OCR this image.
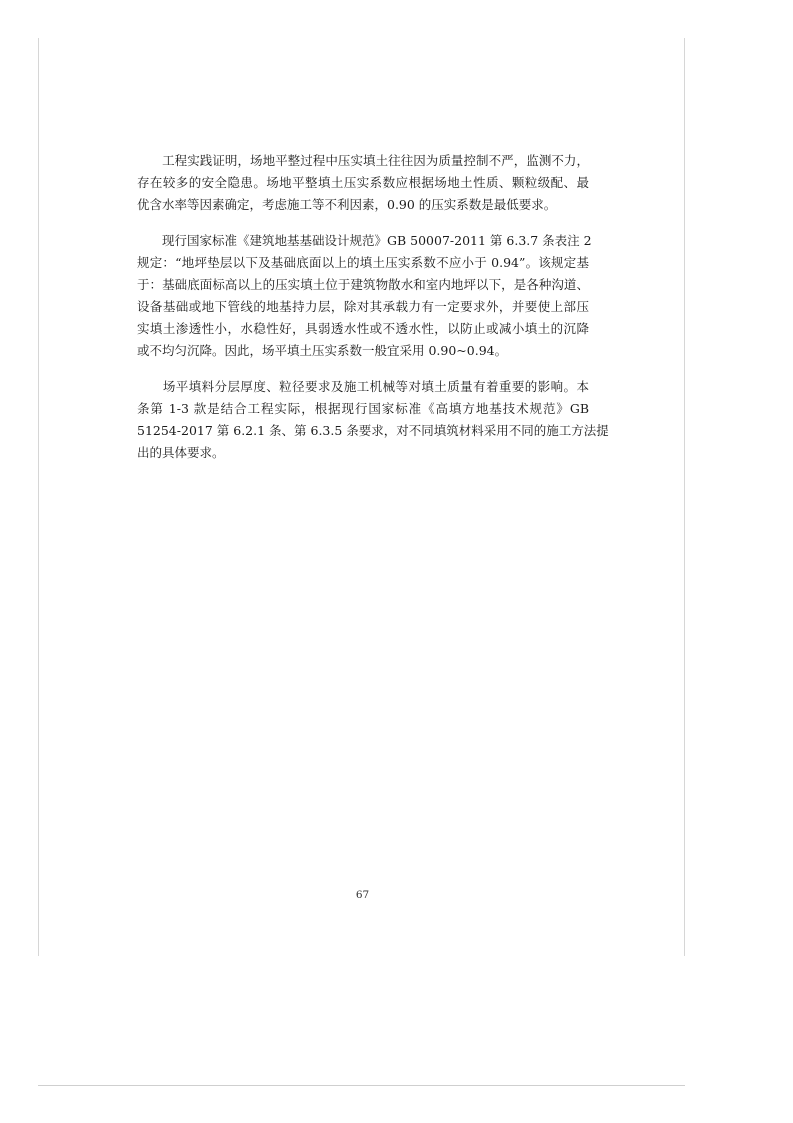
　　工程实践证明，场地平整过程中压实填土往往因为质量控制不严，监测不力，
存在较多的安全隐患。场地平整填土压实系数应根据场地土性质、颗粒级配、最
优含水率等因素确定，考虑施工等不利因素，0.90 的压实系数是最低要求。
　　现行国家标准《建筑地基基础设计规范》GB 50007-2011 第 6.3.7 条表注 2
规定：“地坪垫层以下及基础底面以上的填土压实系数不应小于 0.94”。该规定基
于：基础底面标高以上的压实填土位于建筑物散水和室内地坪以下，是各种沟道、
设备基础或地下管线的地基持力层，除对其承载力有一定要求外，并要使上部压
实填土渗透性小，水稳性好，具弱透水性或不透水性，以防止或减小填土的沉降
或不均匀沉降。因此，场平填土压实系数一般宜采用 0.90~0.94。
　　场平填料分层厚度、粒径要求及施工机械等对填土质量有着重要的影响。本
条第 1-3 款是结合工程实际，根据现行国家标准《高填方地基技术规范》GB
51254-2017 第 6.2.1 条、第 6.3.5 条要求，对不同填筑材料采用不同的施工方法提
出的具体要求。
67
